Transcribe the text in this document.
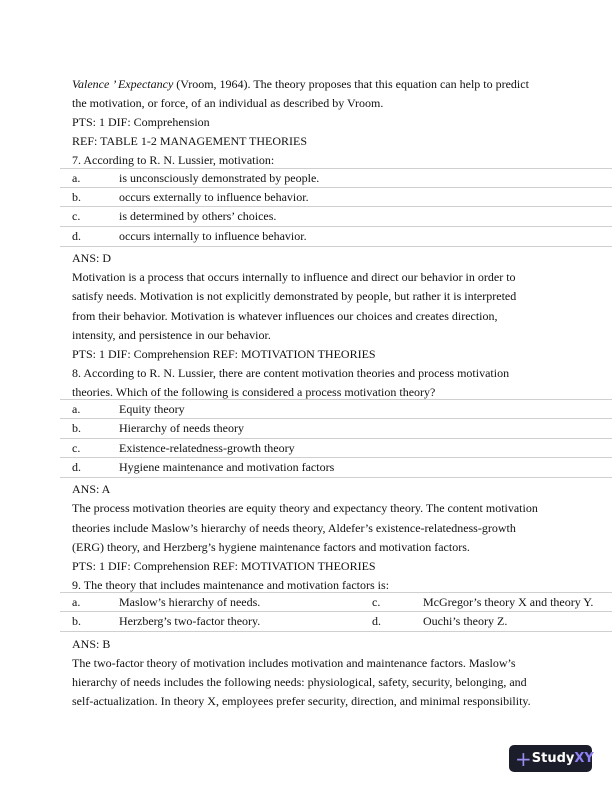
Valence ’ Expectancy (Vroom, 1964). The theory proposes that this equation can help to predict
the motivation, or force, of an individual as described by Vroom.
PTS: 1 DIF: Comprehension
REF: TABLE 1-2 MANAGEMENT THEORIES
7. According to R. N. Lussier, motivation:
a.	is unconsciously demonstrated by people.
b.	occurs externally to influence behavior.
c.	is determined by others’ choices.
d.	occurs internally to influence behavior.
ANS: D
Motivation is a process that occurs internally to influence and direct our behavior in order to
satisfy needs. Motivation is not explicitly demonstrated by people, but rather it is interpreted
from their behavior. Motivation is whatever influences our choices and creates direction,
intensity, and persistence in our behavior.
PTS: 1 DIF: Comprehension REF: MOTIVATION THEORIES
8. According to R. N. Lussier, there are content motivation theories and process motivation
theories. Which of the following is considered a process motivation theory?
a.	Equity theory
b.	Hierarchy of needs theory
c.	Existence-relatedness-growth theory
d.	Hygiene maintenance and motivation factors
ANS: A
The process motivation theories are equity theory and expectancy theory. The content motivation
theories include Maslow’s hierarchy of needs theory, Aldefer’s existence-relatedness-growth
(ERG) theory, and Herzberg’s hygiene maintenance factors and motivation factors.
PTS: 1 DIF: Comprehension REF: MOTIVATION THEORIES
9. The theory that includes maintenance and motivation factors is:
a.	Maslow’s hierarchy of needs.	c.	McGregor’s theory X and theory Y.
b.	Herzberg’s two-factor theory.	d.	Ouchi’s theory Z.
ANS: B
The two-factor theory of motivation includes motivation and maintenance factors. Maslow’s
hierarchy of needs includes the following needs: physiological, safety, security, belonging, and
self-actualization. In theory X, employees prefer security, direction, and minimal responsibility.
+ Study XY
